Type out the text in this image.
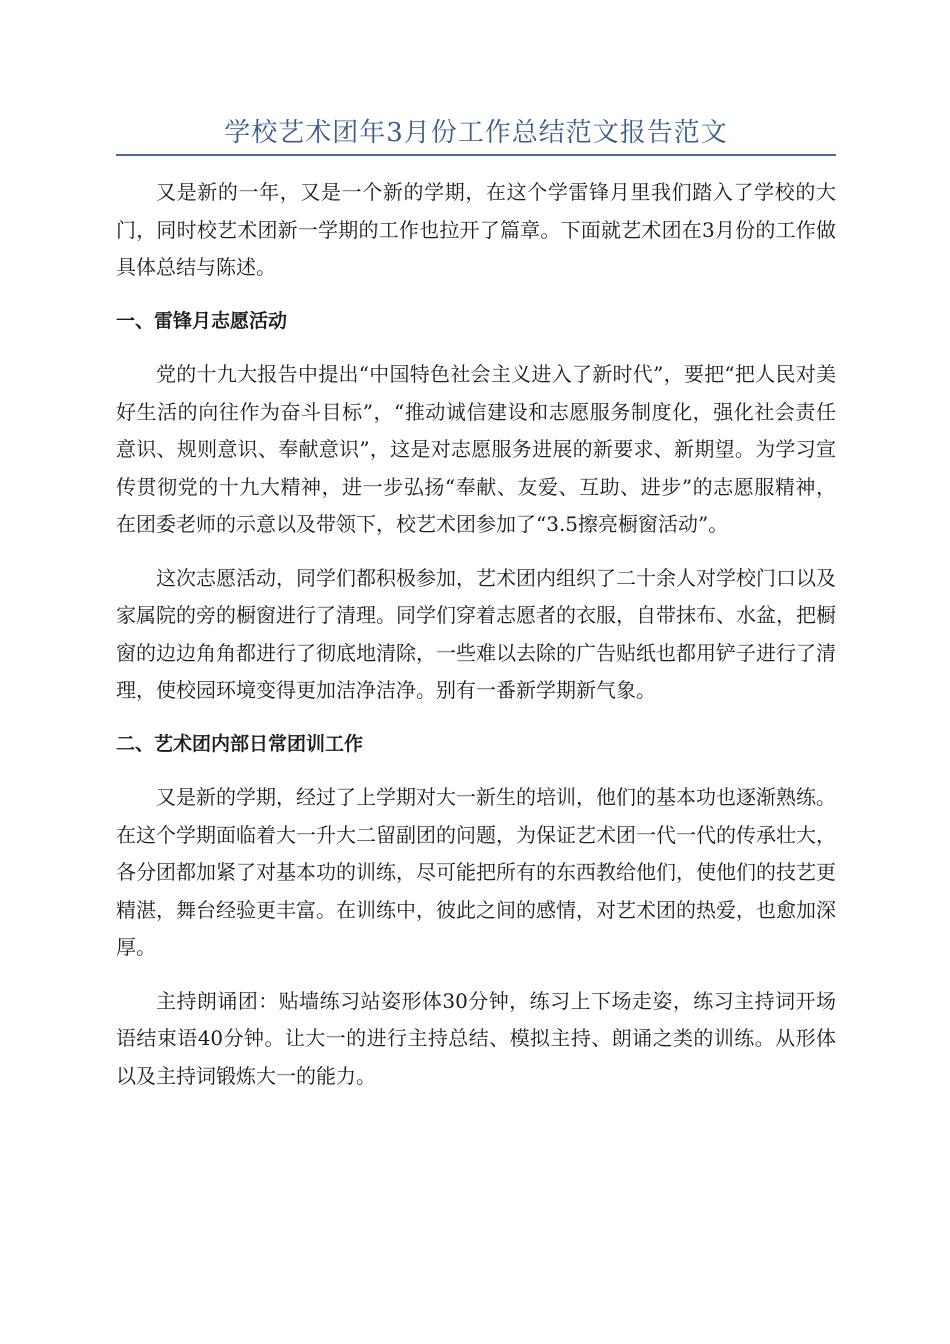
学校艺术团年3月份工作总结范文报告范文

又是新的一年，又是一个新的学期，在这个学雷锋月里我们踏入了学校的大门，同时校艺术团新一学期的工作也拉开了篇章。下面就艺术团在3月份的工作做具体总结与陈述。

一、雷锋月志愿活动

党的十九大报告中提出“中国特色社会主义进入了新时代”，要把“把人民对美好生活的向往作为奋斗目标”，“推动诚信建设和志愿服务制度化，强化社会责任意识、规则意识、奉献意识”，这是对志愿服务进展的新要求、新期望。为学习宣传贯彻党的十九大精神，进一步弘扬“奉献、友爱、互助、进步”的志愿服精神，在团委老师的示意以及带领下，校艺术团参加了“3.5擦亮橱窗活动”。

这次志愿活动，同学们都积极参加，艺术团内组织了二十余人对学校门口以及家属院的旁的橱窗进行了清理。同学们穿着志愿者的衣服，自带抹布、水盆，把橱窗的边边角角都进行了彻底地清除，一些难以去除的广告贴纸也都用铲子进行了清理，使校园环境变得更加洁净洁净。别有一番新学期新气象。

二、艺术团内部日常团训工作

又是新的学期，经过了上学期对大一新生的培训，他们的基本功也逐渐熟练。在这个学期面临着大一升大二留副团的问题，为保证艺术团一代一代的传承壮大，各分团都加紧了对基本功的训练，尽可能把所有的东西教给他们，使他们的技艺更精湛，舞台经验更丰富。在训练中，彼此之间的感情，对艺术团的热爱，也愈加深厚。

主持朗诵团：贴墙练习站姿形体30分钟，练习上下场走姿，练习主持词开场语结束语40分钟。让大一的进行主持总结、模拟主持、朗诵之类的训练。从形体以及主持词锻炼大一的能力。
